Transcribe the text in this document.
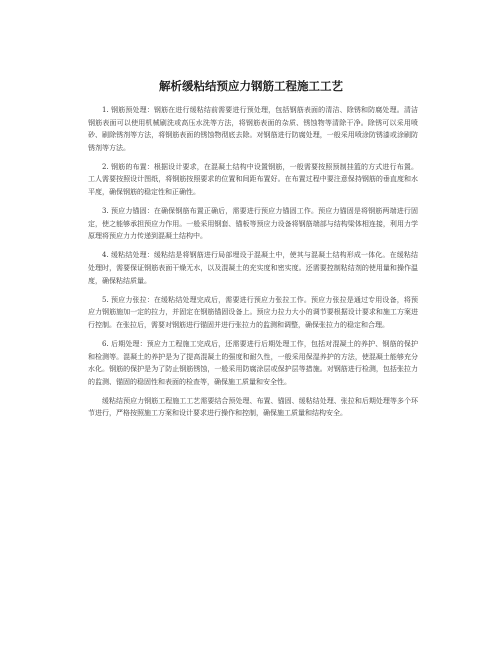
解析缓粘结预应力钢筋工程施工工艺

1. 钢筋预处理：钢筋在进行缓粘结前需要进行预处理，包括钢筋表面的清洁、除锈和防腐处理。清洁钢筋表面可以使用机械刷洗或高压水洗等方法，将钢筋表面的杂质、锈蚀物等清除干净。除锈可以采用喷砂、刷除锈剂等方法，将钢筋表面的锈蚀物彻底去除。对钢筋进行防腐处理，一般采用喷涂防锈漆或涂刷防锈剂等方法。

2. 钢筋的布置：根据设计要求，在混凝土结构中设置钢筋，一般需要按照预制挂篮的方式进行布置。工人需要按照设计图纸，将钢筋按照要求的位置和间距布置好。在布置过程中要注意保持钢筋的垂直度和水平度，确保钢筋的稳定性和正确性。

3. 预应力锚固：在确保钢筋布置正确后，需要进行预应力锚固工作。预应力锚固是将钢筋两端进行固定，使之能够承担预应力作用。一般采用钢套、锚板等预应力设备将钢筋端部与结构梁体相连接，利用力学原理将预应力力传递到混凝土结构中。

4. 缓粘结处理：缓粘结是将钢筋进行局部埋设于混凝土中，使其与混凝土结构形成一体化。在缓粘结处理时，需要保证钢筋表面干燥无水，以及混凝土的充实度和密实度。还需要控制粘结剂的使用量和操作温度，确保粘结质量。

5. 预应力张拉：在缓粘结处理完成后，需要进行预应力张拉工作。预应力张拉是通过专用设备，将预应力钢筋施加一定的拉力，并固定在钢筋锚固设备上。预应力拉力大小的调节要根据设计要求和施工方案进行控制。在张拉后，需要对钢筋进行锚固并进行张拉力的监测和调整，确保张拉力的稳定和合理。

6. 后期处理：预应力工程施工完成后，还需要进行后期处理工作，包括对混凝土的养护、钢筋的保护和检测等。混凝土的养护是为了提高混凝土的强度和耐久性，一般采用保湿养护的方法，使混凝土能够充分水化。钢筋的保护是为了防止钢筋锈蚀，一般采用防腐涂层或保护层等措施。对钢筋进行检测，包括张拉力的监测、锚固的稳固性和表面的检查等，确保施工质量和安全性。

缓粘结预应力钢筋工程施工工艺需要结合预处理、布置、锚固、缓粘结处理、张拉和后期处理等多个环节进行，严格按照施工方案和设计要求进行操作和控制，确保施工质量和结构安全。
